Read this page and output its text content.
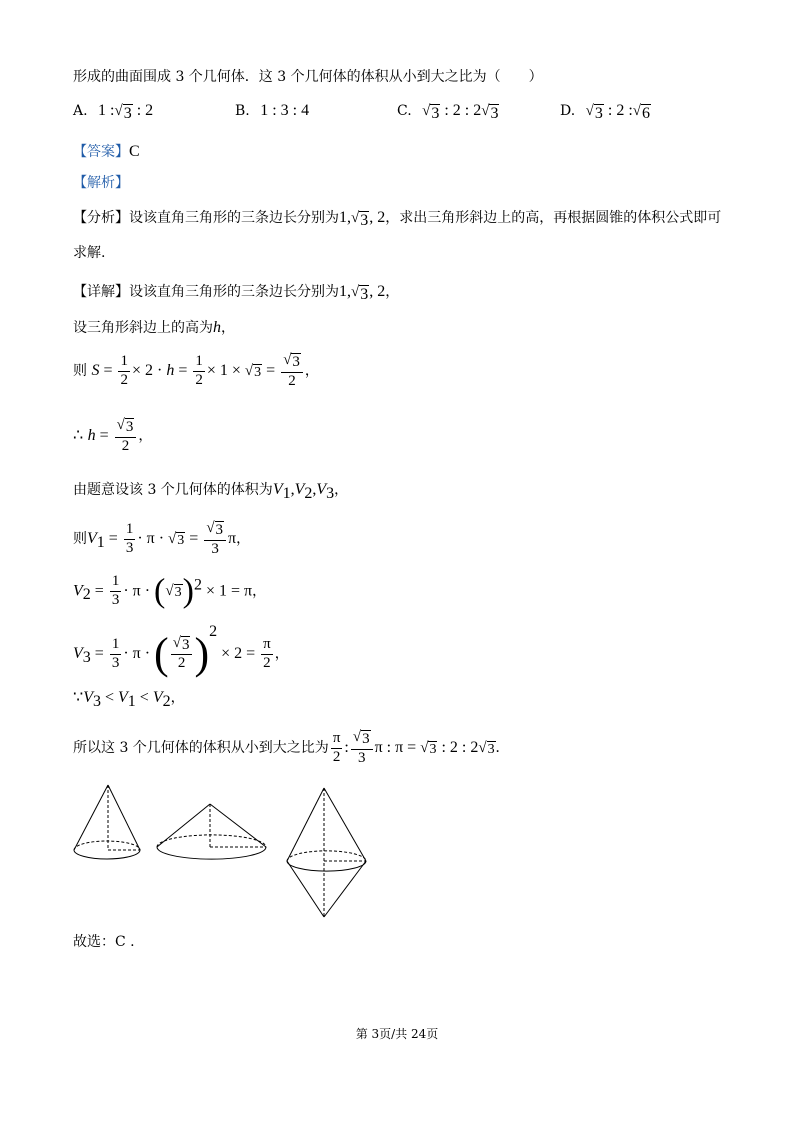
形成的曲面围成 3 个几何体．这 3 个几何体的体积从小到大之比为（　　）
A. 1 : √ 3 : 2	B. 1 : 3 : 4	C. √ 3 : 2 : 2 √ 3	D. √ 3 : 2 : √ 6
【答案】C
【解析】
【分析】设该直角三角形的三条边长分别为1, √ 3 , 2，求出三角形斜边上的高，再根据圆锥的体积公式即可
求解.
【详解】设该直角三角形的三条边长分别为1, √ 3 , 2，
设三角形斜边上的高为h，
则 $S = \frac{1}{2} \times 2 \cdot h = \frac{1}{2} \times 1$ × √ $3 = \frac{√ 3}{2}$ ，
∴ $h = \frac{√ 3}{2}$ ，
由题意设该 3 个几何体的体积为$V_1,V_2,V_3$，
则$V_1 = \frac{1}{3} \cdot \pi$ · √ $3 = \frac{√ 3}{3}$ π，
$V_2 = \frac{1}{3} \cdot \pi$ · ( √ 3 )$^2$ × 1 = π，
$V_3 = \frac{1}{3} \cdot \pi$ · ( $\frac{√ 3}{2} )^2 \times 2 = \frac{\pi}{2}$ ，
$\because V_3 < V_1 < V_2$，
所以这 3 个几何体的体积从小到大之比为 $\frac{\pi}{2}$ : $\frac{√ 3}{3}$ π : π = √ 3 : 2 : 2 √ 3 .
故选：C .
第 3页/共 24页
